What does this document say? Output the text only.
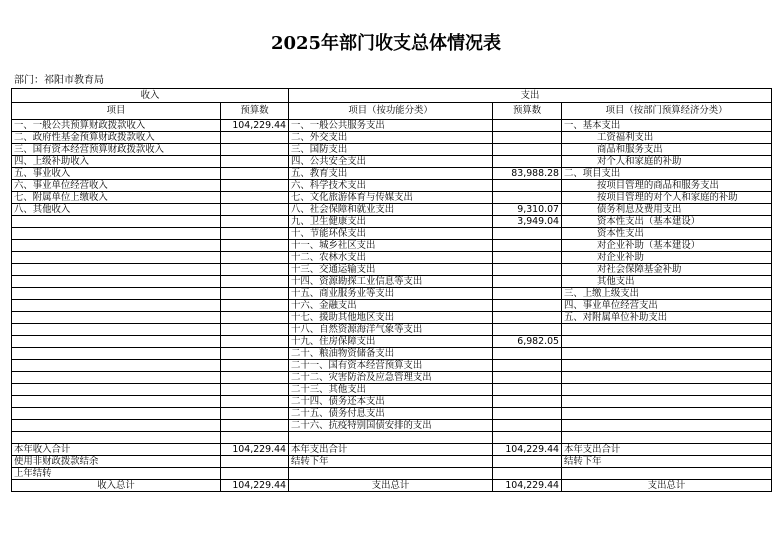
2025年部门收支总体情况表
部门：祁阳市教育局
收入		支出		
项目	预算数	项目（按功能分类）	预算数	项目（按部门预算经济分类）
一、一般公共预算财政拨款收入	104,229.44	一、一般公共服务支出		一、基本支出
二、政府性基金预算财政拨款收入		二、外交支出		工资福利支出
三、国有资本经营预算财政拨款收入		三、国防支出		商品和服务支出
四、上级补助收入		四、公共安全支出		对个人和家庭的补助
五、事业收入		五、教育支出	83,988.28	二、项目支出
六、事业单位经营收入		六、科学技术支出		按项目管理的商品和服务支出
七、附属单位上缴收入		七、文化旅游体育与传媒支出		按项目管理的对个人和家庭的补助
八、其他收入		八、社会保障和就业支出	9,310.07	债务利息及费用支出
		九、卫生健康支出	3,949.04	资本性支出（基本建设）
		十、节能环保支出		资本性支出
		十一、城乡社区支出		对企业补助（基本建设）
		十二、农林水支出		对企业补助
		十三、交通运输支出		对社会保障基金补助
		十四、资源勘探工业信息等支出		其他支出
		十五、商业服务业等支出		三、上缴上级支出
		十六、金融支出		四、事业单位经营支出
		十七、援助其他地区支出		五、对附属单位补助支出
		十八、自然资源海洋气象等支出		
		十九、住房保障支出	6,982.05	
		二十、粮油物资储备支出		
		二十一、国有资本经营预算支出		
		二十二、灾害防治及应急管理支出		
		二十三、其他支出		
		二十四、债务还本支出		
		二十五、债务付息支出		
		二十六、抗疫特别国债安排的支出		

本年收入合计	104,229.44	本年支出合计	104,229.44	本年支出合计
使用非财政拨款结余		结转下年		结转下年
上年结转				
收入总计	104,229.44	支出总计	104,229.44	支出总计
